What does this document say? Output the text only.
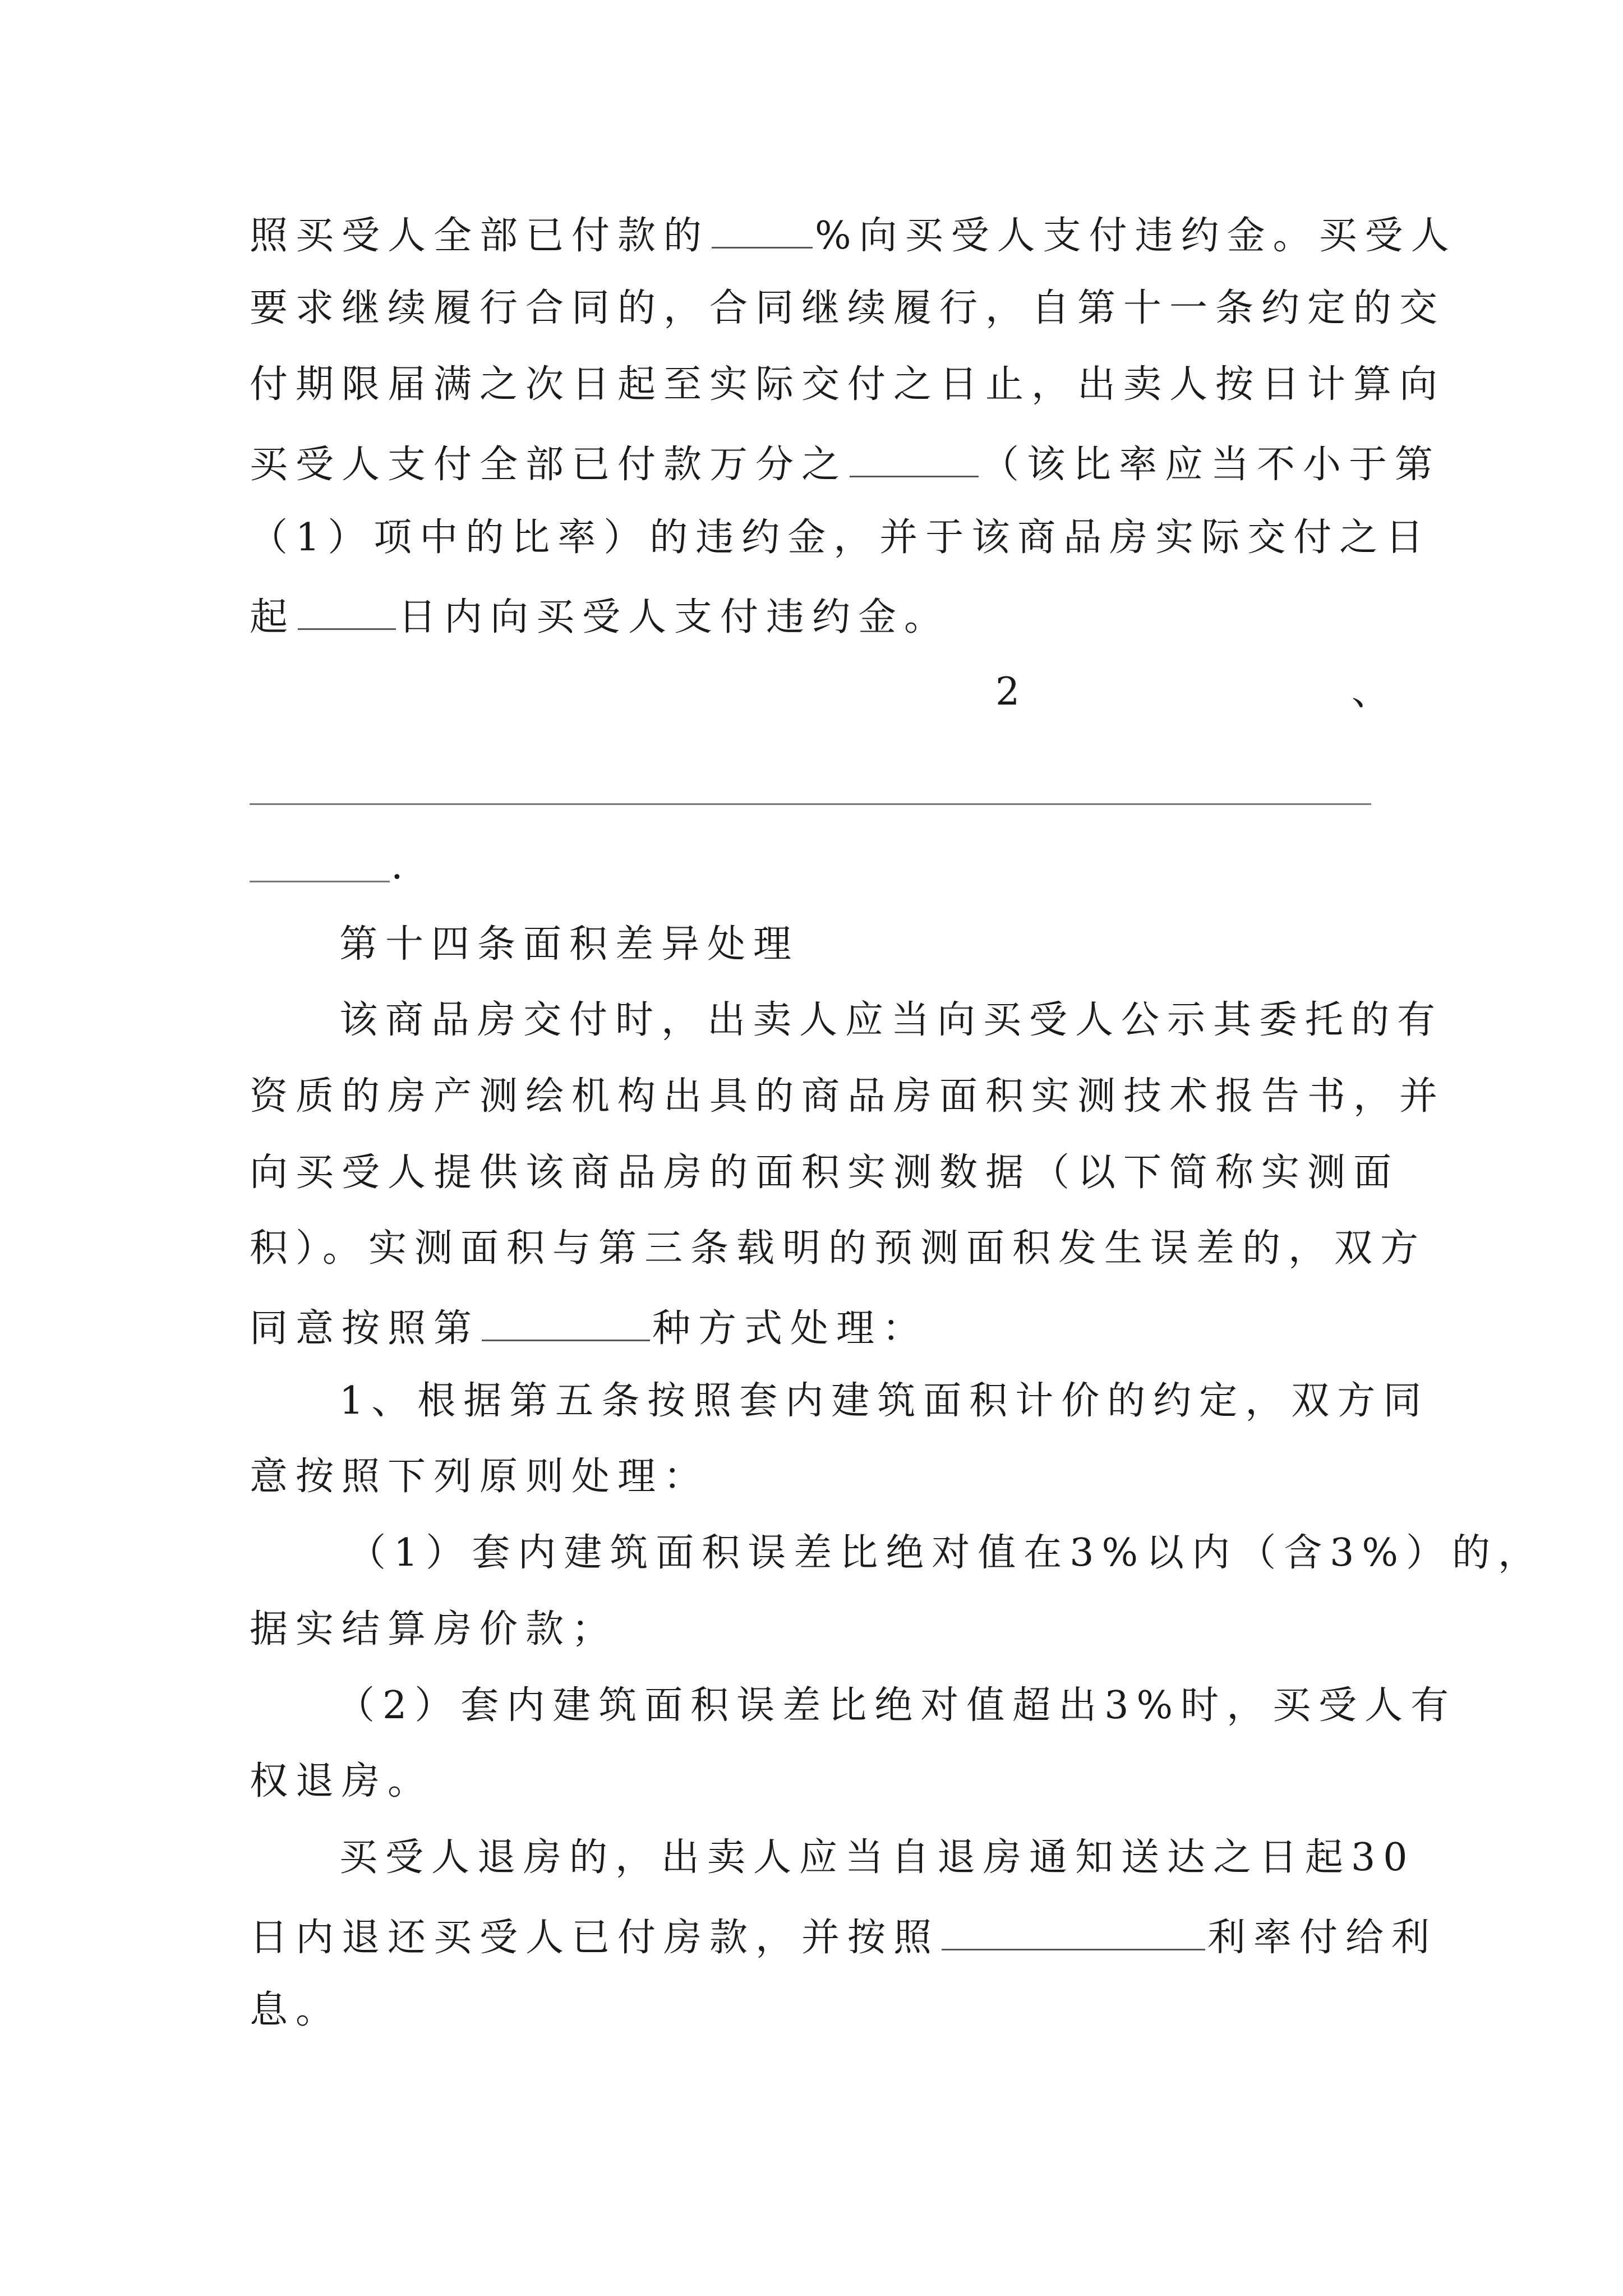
照买受人全部已付款的	%向买受人支付违约金。买受人
要求继续履行合同的，合同继续履行，自第十一条约定的交
付期限届满之次日起至实际交付之日止，出卖人按日计算向
买受人支付全部已付款万分之	（该比率应当不小于第
（1）项中的比率）的违约金，并于该商品房实际交付之日
起	日内向买受人支付违约金。
2	、
.
第十四条面积差异处理
该商品房交付时，出卖人应当向买受人公示其委托的有
资质的房产测绘机构出具的商品房面积实测技术报告书，并
向买受人提供该商品房的面积实测数据（以下简称实测面
积）。实测面积与第三条载明的预测面积发生误差的，双方
同意按照第	种方式处理：
1、根据第五条按照套内建筑面积计价的约定，双方同
意按照下列原则处理：
（1）套内建筑面积误差比绝对值在3%以内（含3%）的，
据实结算房价款；
（2）套内建筑面积误差比绝对值超出3%时，买受人有
权退房。
买受人退房的，出卖人应当自退房通知送达之日起30
日内退还买受人已付房款，并按照	利率付给利
息。
